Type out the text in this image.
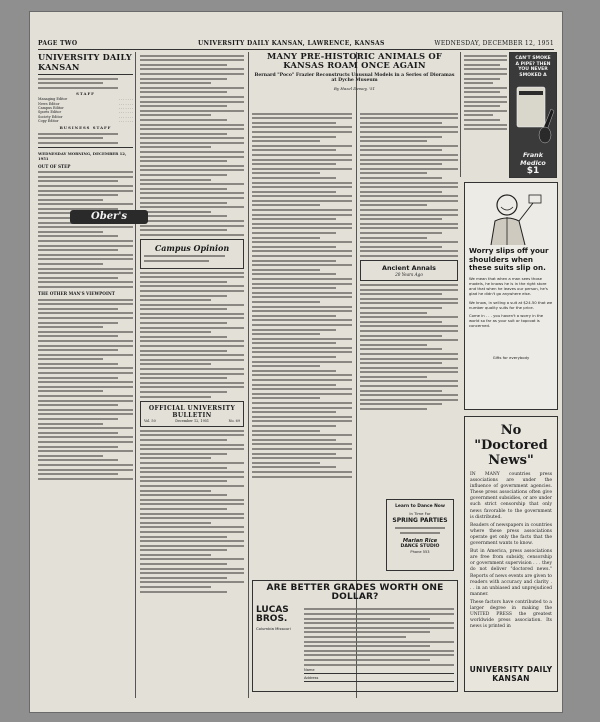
PAGE TWO	UNIVERSITY DAILY KANSAN, LAWRENCE, KANSAS	WEDNESDAY, DECEMBER 12, 1951
UNIVERSITY DAILY KANSAN
STAFF
Managing Editor	. . . . . . .
News Editor	. . . . . . .
Campus Editor	. . . . . . .
Sports Editor	. . . . . . .
Society Editor	. . . . . . .
Copy Editor	. . . . . . .
BUSINESS STAFF
WEDNESDAY MORNING, DECEMBER 12, 1951
OUT OF STEP
THE OTHER MAN'S VIEWPOINT
Campus Opinion
OFFICIAL UNIVERSITY BULLETIN
Vol. 50	December 12, 1951	No. 69
MANY PRE-HISTORIC ANIMALS OF KANSAS ROAM ONCE AGAIN
Bernard "Poco" Frazier Reconstructs Unusual Models in a Series of Dioramas at Dyche Museum
By Hazel Dewey, '51
Ancient Annals
20 Years Ago
Learn to Dance Now
In Time For
SPRING PARTIES
Marian Rice
DANCE STUDIO
Phone 553
ARE BETTER GRADES WORTH ONE DOLLAR?
LUCAS
BROS.
Columbia Missouri
Name
Address
CAN'T SMOKE A PIPE? THEN YOU NEVER SMOKED A
Frank Medico
$1
Worry slips off your shoulders when these suits slip on.
We mean that when a man sees those models, he knows he is in the right store and that when he leaves our person, he's glad he didn't go anywhere else.
We know, in selling a suit at $24.50 that we number quality suits for the price.
Come in . . . you haven't a worry in the world so far as your suit or topcoat is concerned.
Gifts for everybody
Ober's
No "Doctored
News"
IN MANY countries press associations are under the influence of government agencies. These press associations often give government subsidies, or are under such strict censorship that only news favorable to the government is distributed.
Readers of newspapers in countries where these press associations operate get only the facts that the government wants to know.
But in America, press associations are free from subsidy, censorship or government supervision . . . they do not deliver "doctored news." Reports of news events are given to readers with accuracy and clarity . . . in an unbiased and unprejudiced manner.
These factors have contributed to a larger degree in making the UNITED PRESS the greatest worldwide press association. Its news is printed in
UNIVERSITY DAILY KANSAN
